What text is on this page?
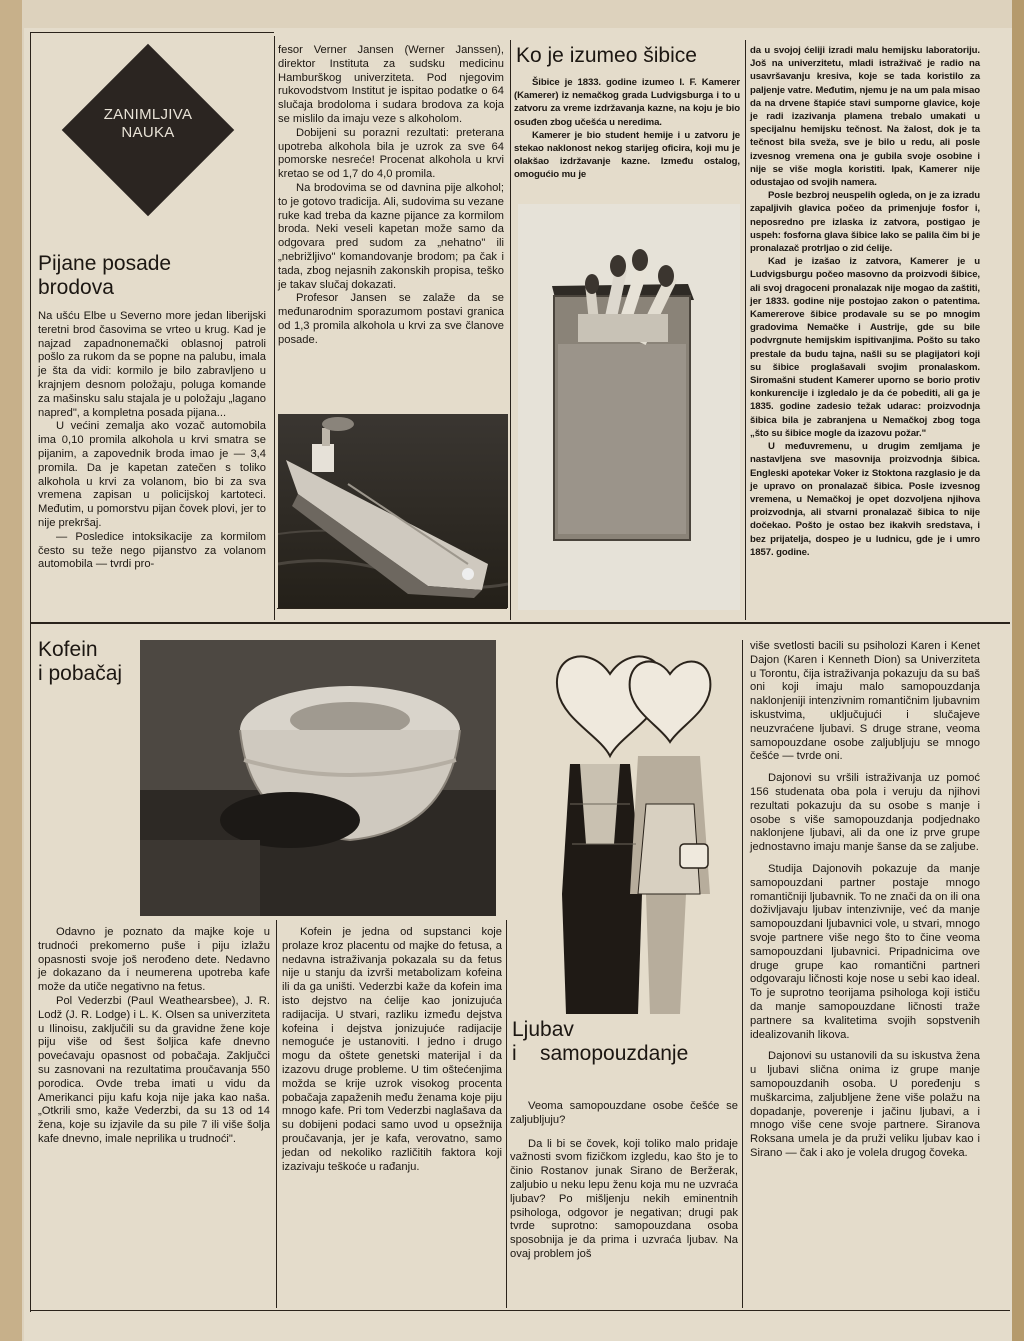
ZANIMLJIVA
NAUKA
Pijane posade
brodova

Na ušću Elbe u Severno more jedan liberijski teretni brod časovima se vrteo u krug. Kad je najzad zapadnonemački oblasnoj patroli pošlo za rukom da se popne na palubu, imala je šta da vidi: kormilo je bilo zabravljeno u krajnjem desnom položaju, poluga komande za mašinsku salu stajala je u položaju „lagano napred", a kompletna posada pijana...

U većini zemalja ako vozač automobila ima 0,10 promila alkohola u krvi smatra se pijanim, a zapovednik broda imao je — 3,4 promila. Da je kapetan zatečen s toliko alkohola u krvi za volanom, bio bi za sva vremena zapisan u policijskoj kartoteci. Međutim, u pomorstvu pijan čovek plovi, jer to nije prekršaj.

— Posledice intoksikacije za kormilom često su teže nego pijanstvo za volanom automobila — tvrdi pro-

fesor Verner Jansen (Werner Janssen), direktor Instituta za sudsku medicinu Hamburškog univerziteta. Pod njegovim rukovodstvom Institut je ispitao podatke o 64 slučaja brodoloma i sudara brodova za koja se mislilo da imaju veze s alkoholom.

Dobijeni su porazni rezultati: preterana upotreba alkohola bila je uzrok za sve 64 pomorske nesreće! Procenat alkohola u krvi kretao se od 1,7 do 4,0 promila.

Na brodovima se od davnina pije alkohol; to je gotovo tradicija. Ali, sudovima su vezane ruke kad treba da kazne pijance za kormilom broda. Neki veseli kapetan može samo da odgovara pred sudom za „nehatno" ili „nebrižljivo" komandovanje brodom; pa čak i tada, zbog nejasnih zakonskih propisa, teško je takav slučaj dokazati.

Profesor Jansen se zalaže da se međunarodnim sporazumom postavi granica od 1,3 promila alkohola u krvi za sve članove posade.

Ko je izumeo šibice

Šibice je 1833. godine izumeo I. F. Kamerer (Kamerer) iz nemačkog grada Ludvigsburga i to u zatvoru za vreme izdržavanja kazne, na koju je bio osuđen zbog učešća u neredima.

Kamerer je bio student hemije i u zatvoru je stekao naklonost nekog starijeg oficira, koji mu je olakšao izdržavanje kazne. Između ostalog, omogućio mu je

da u svojoj ćeliji izradi malu hemijsku laboratoriju. Još na univerzitetu, mladi istraživač je radio na usavršavanju kresiva, koje se tada koristilo za paljenje vatre. Međutim, njemu je na um pala misao da na drvene štapiće stavi sumporne glavice, koje je radi izazivanja plamena trebalo umakati u specijalnu hemijsku tečnost. Na žalost, dok je ta tečnost bila sveža, sve je bilo u redu, ali posle izvesnog vremena ona je gubila svoje osobine i nije se više mogla koristiti. Ipak, Kamerer nije odustajao od svojih namera.

Posle bezbroj neuspelih ogleda, on je za izradu zapaljivih glavica počeo da primenjuje fosfor i, neposredno pre izlaska iz zatvora, postigao je uspeh: fosforna glava šibice lako se palila čim bi je pronalazač protrljao o zid ćelije.

Kad je izašao iz zatvora, Kamerer je u Ludvigsburgu počeo masovno da proizvodi šibice, ali svoj dragoceni pronalazak nije mogao da zaštiti, jer 1833. godine nije postojao zakon o patentima. Kamererove šibice prodavale su se po mnogim gradovima Nemačke i Austrije, gde su bile podvrgnute hemijskim ispitivanjima. Pošto su tako prestale da budu tajna, našli su se plagijatori koji su šibice proglašavali svojim pronalaskom. Siromašni student Kamerer uporno se borio protiv konkurencije i izgledalo je da će pobediti, ali ga je 1835. godine zadesio težak udarac: proizvodnja šibica bila je zabranjena u Nemačkoj zbog toga „što su šibice mogle da izazovu požar."

U međuvremenu, u drugim zemljama je nastavljena sve masovnija proizvodnja šibica. Engleski apotekar Voker iz Stoktona razglasio je da je upravo on pronalazač šibica. Posle izvesnog vremena, u Nemačkoj je opet dozvoljena njihova proizvodnja, ali stvarni pronalazač šibica to nije dočekao. Pošto je ostao bez ikakvih sredstava, i bez prijatelja, dospeo je u ludnicu, gde je i umro 1857. godine.

Kofein
i pobačaj

Odavno je poznato da majke koje u trudnoći prekomerno puše i piju izlažu opasnosti svoje još nerođeno dete. Nedavno je dokazano da i neumerena upotreba kafe može da utiče negativno na fetus.

Pol Vederzbi (Paul Weathearsbee), J. R. Lodž (J. R. Lodge) i L. K. Olsen sa univerziteta u Ilinoisu, zaključili su da gravidne žene koje piju više od šest šoljica kafe dnevno povećavaju opasnost od pobačaja. Zaključci su zasnovani na rezultatima proučavanja 550 porodica. Ovde treba imati u vidu da Amerikanci piju kafu koja nije jaka kao naša. „Otkrili smo, kaže Vederzbi, da su 13 od 14 žena, koje su izjavile da su pile 7 ili više šolja kafe dnevno, imale neprilika u trudnoći".

Kofein je jedna od supstanci koje prolaze kroz placentu od majke do fetusa, a nedavna istraživanja pokazala su da fetus nije u stanju da izvrši metabolizam kofeina ili da ga uništi. Vederzbi kaže da kofein ima isto dejstvo na ćelije kao jonizujuća radijacija. U stvari, razliku između dejstva kofeina i dejstva jonizujuće radijacije nemoguće je ustanoviti. I jedno i drugo mogu da oštete genetski materijal i da izazovu druge probleme. U tim oštećenjima možda se krije uzrok visokog procenta pobačaja zapaženih među ženama koje piju mnogo kafe. Pri tom Vederzbi naglašava da su dobijeni podaci samo uvod u opsežnija proučavanja, jer je kafa, verovatno, samo jedan od nekoliko različitih faktora koji izazivaju teškoće u rađanju.

Ljubav
i    samopouzdanje

Veoma samopouzdane osobe češće se zaljubljuju?

Da li bi se čovek, koji toliko malo pridaje važnosti svom fizičkom izgledu, kao što je to činio Rostanov junak Sirano de Beržerak, zaljubio u neku lepu ženu koja mu ne uzvraća ljubav? Po mišljenju nekih eminentnih psihologa, odgovor je negativan; drugi pak tvrde suprotno: samopouzdana osoba sposobnija je da prima i uzvraća ljubav. Na ovaj problem još

više svetlosti bacili su psiholozi Karen i Kenet Dajon (Karen i Kenneth Dion) sa Univerziteta u Torontu, čija istraživanja pokazuju da su baš oni koji imaju malo samopouzdanja naklonjeniji intenzivnim romantičnim ljubavnim iskustvima, uključujući i slučajeve neuzvraćene ljubavi. S druge strane, veoma samopouzdane osobe zaljubljuju se mnogo češće — tvrde oni.

Dajonovi su vršili istraživanja uz pomoć 156 studenata oba pola i veruju da njihovi rezultati pokazuju da su osobe s manje i osobe s više samopouzdanja podjednako naklonjene ljubavi, ali da one iz prve grupe jednostavno imaju manje šanse da se zaljube.

Studija Dajonovih pokazuje da manje samopouzdani partner postaje mnogo romantičniji ljubavnik. To ne znači da on ili ona doživljavaju ljubav intenzivnije, već da manje samopouzdani ljubavnici vole, u stvari, mnogo svoje partnere više nego što to čine veoma samopouzdani ljubavnici. Pripadnicima ove druge grupe kao romantični partneri odgovaraju ličnosti koje nose u sebi kao ideal. To je suprotno teorijama psihologa koji ističu da manje samopouzdane ličnosti traže partnere sa kvalitetima svojih sopstvenih idealizovanih likova.

Dajonovi su ustanovili da su iskustva žena u ljubavi slična onima iz grupe manje samopouzdanih osoba. U poređenju s muškarcima, zaljubljene žene više polažu na dopadanje, poverenje i jačinu ljubavi, a i mnogo više cene svoje partnere. Siranova Roksana umela je da pruži veliku ljubav kao i Sirano — čak i ako je volela drugog čoveka.
